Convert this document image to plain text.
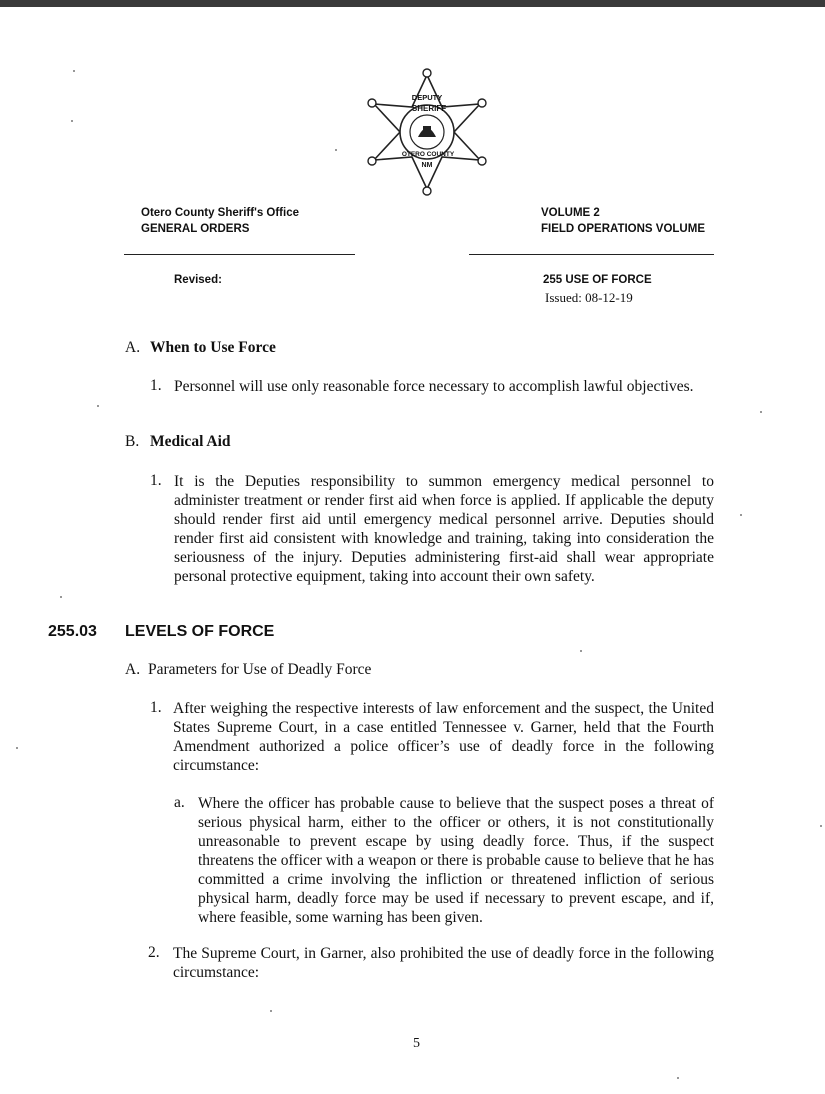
DEPUTY
SHERIFF
OTERO COUNTY
NM
Otero County Sheriff's Office
GENERAL ORDERS
VOLUME 2
FIELD OPERATIONS VOLUME
Revised:	255 USE OF FORCE
Issued: 08-12-19
A. When to Use Force
1. Personnel will use only reasonable force necessary to accomplish lawful objectives.
B. Medical Aid
1. It is the Deputies responsibility to summon emergency medical personnel to administer treatment or render first aid when force is applied. If applicable the deputy should render first aid until emergency medical personnel arrive. Deputies should render first aid consistent with knowledge and training, taking into consideration the seriousness of the injury. Deputies administering first-aid shall wear appropriate personal protective equipment, taking into account their own safety.
255.03 LEVELS OF FORCE
A. Parameters for Use of Deadly Force
1. After weighing the respective interests of law enforcement and the suspect, the United States Supreme Court, in a case entitled Tennessee v. Garner, held that the Fourth Amendment authorized a police officer’s use of deadly force in the following circumstance:
a. Where the officer has probable cause to believe that the suspect poses a threat of serious physical harm, either to the officer or others, it is not constitutionally unreasonable to prevent escape by using deadly force. Thus, if the suspect threatens the officer with a weapon or there is probable cause to believe that he has committed a crime involving the infliction or threatened infliction of serious physical harm, deadly force may be used if necessary to prevent escape, and if, where feasible, some warning has been given.
2. The Supreme Court, in Garner, also prohibited the use of deadly force in the following circumstance:
5
